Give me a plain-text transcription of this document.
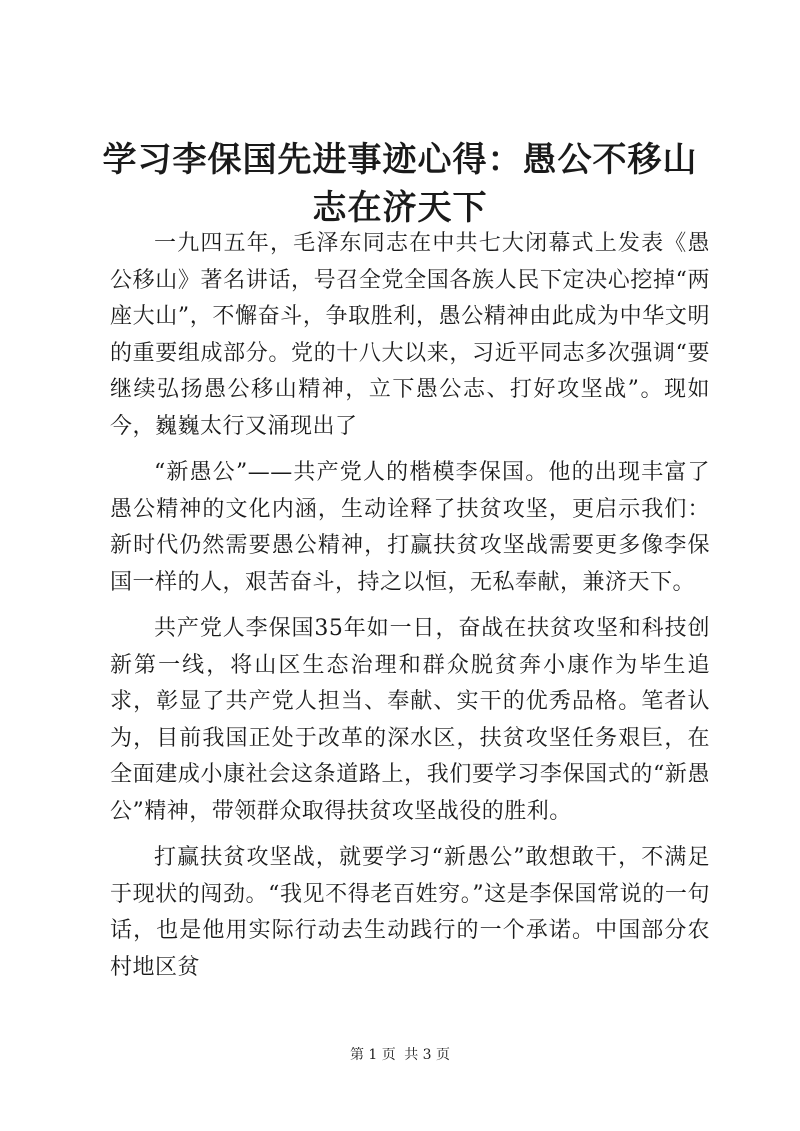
学习李保国先进事迹心得：愚公不移山志在济天下

一九四五年，毛泽东同志在中共七大闭幕式上发表《愚公移山》著名讲话，号召全党全国各族人民下定决心挖掉“两座大山”，不懈奋斗，争取胜利，愚公精神由此成为中华文明的重要组成部分。党的十八大以来，习近平同志多次强调“要继续弘扬愚公移山精神，立下愚公志、打好攻坚战”。现如今，巍巍太行又涌现出了

“新愚公”——共产党人的楷模李保国。他的出现丰富了愚公精神的文化内涵，生动诠释了扶贫攻坚，更启示我们：新时代仍然需要愚公精神，打赢扶贫攻坚战需要更多像李保国一样的人，艰苦奋斗，持之以恒，无私奉献，兼济天下。

共产党人李保国35年如一日，奋战在扶贫攻坚和科技创新第一线，将山区生态治理和群众脱贫奔小康作为毕生追求，彰显了共产党人担当、奉献、实干的优秀品格。笔者认为，目前我国正处于改革的深水区，扶贫攻坚任务艰巨，在全面建成小康社会这条道路上，我们要学习李保国式的“新愚公”精神，带领群众取得扶贫攻坚战役的胜利。

打赢扶贫攻坚战，就要学习“新愚公”敢想敢干，不满足于现状的闯劲。“我见不得老百姓穷。”这是李保国常说的一句话，也是他用实际行动去生动践行的一个承诺。中国部分农村地区贫

第 1 页 共 3 页
